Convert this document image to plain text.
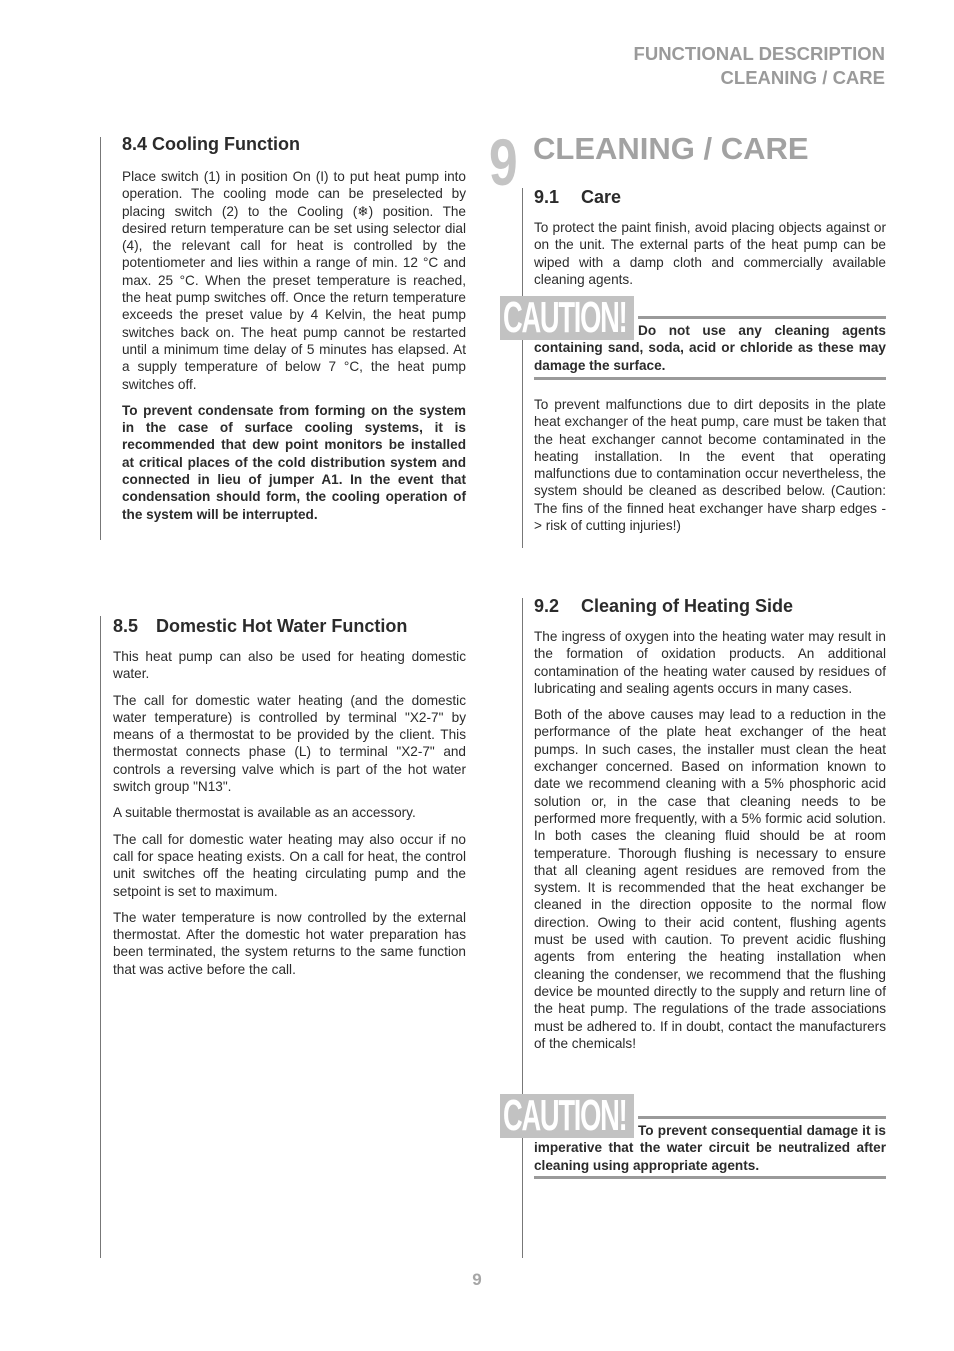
FUNCTIONAL DESCRIPTION
CLEANING / CARE
8.4 Cooling Function

Place switch (1) in position On (I) to put heat pump into operation. The cooling mode can be preselected by placing switch (2) to the Cooling (❄) position. The desired return temperature can be set using selector dial (4), the relevant call for heat is controlled by the potentiometer and lies within a range of min. 12 °C and max. 25 °C. When the preset temperature is reached, the heat pump switches off. Once the return temperature exceeds the preset value by 4 Kelvin, the heat pump switches back on. The heat pump cannot be restarted until a minimum time delay of 5 minutes has elapsed. At a supply temperature of below 7 °C, the heat pump switches off.

To prevent condensate from forming on the system in the case of surface cooling systems, it is recommended that dew point monitors be installed at critical places of the cold distribution system and connected in lieu of jumper A1. In the event that condensation should form, the cooling operation of the system will be interrupted.

8.5 Domestic Hot Water Function

This heat pump can also be used for heating domestic water.

The call for domestic water heating (and the domestic water temperature) is controlled by terminal "X2-7" by means of a thermostat to be provided by the client. This thermostat connects phase (L) to terminal "X2-7" and controls a reversing valve which is part of the hot water switch group "N13".

A suitable thermostat is available as an accessory.

The call for domestic water heating may also occur if no call for space heating exists. On a call for heat, the control unit switches off the heating circulating pump and the setpoint is set to maximum.

The water temperature is now controlled by the external thermostat. After the domestic hot water preparation has been terminated, the system returns to the same function that was active before the call.

9 CLEANING / CARE
9.1 Care

To protect the paint finish, avoid placing objects against or on the unit. The external parts of the heat pump can be wiped with a damp cloth and commercially available cleaning agents.

CAUTION! Do not use any cleaning agents containing sand, soda, acid or chloride as these may damage the surface.

To prevent malfunctions due to dirt deposits in the plate heat exchanger of the heat pump, care must be taken that the heat exchanger cannot become contaminated in the heating installation. In the event that operating malfunctions due to contamination occur nevertheless, the system should be cleaned as described below. (Caution: The fins of the finned heat exchanger have sharp edges -> risk of cutting injuries!)

9.2 Cleaning of Heating Side

The ingress of oxygen into the heating water may result in the formation of oxidation products. An additional contamination of the heating water caused by residues of lubricating and sealing agents occurs in many cases.

Both of the above causes may lead to a reduction in the performance of the plate heat exchanger of the heat pumps. In such cases, the installer must clean the heat exchanger concerned. Based on information known to date we recommend cleaning with a 5% phosphoric acid solution or, in the case that cleaning needs to be performed more frequently, with a 5% formic acid solution. In both cases the cleaning fluid should be at room temperature. Thorough flushing is necessary to ensure that all cleaning agent residues are removed from the system. It is recommended that the heat exchanger be cleaned in the direction opposite to the normal flow direction. Owing to their acid content, flushing agents must be used with caution. To prevent acidic flushing agents from entering the heating installation when cleaning the condenser, we recommend that the flushing device be mounted directly to the supply and return line of the heat pump. The regulations of the trade associations must be adhered to. If in doubt, contact the manufacturers of the chemicals!

CAUTION! To prevent consequential damage it is imperative that the water circuit be neutralized after cleaning using appropriate agents.

9
